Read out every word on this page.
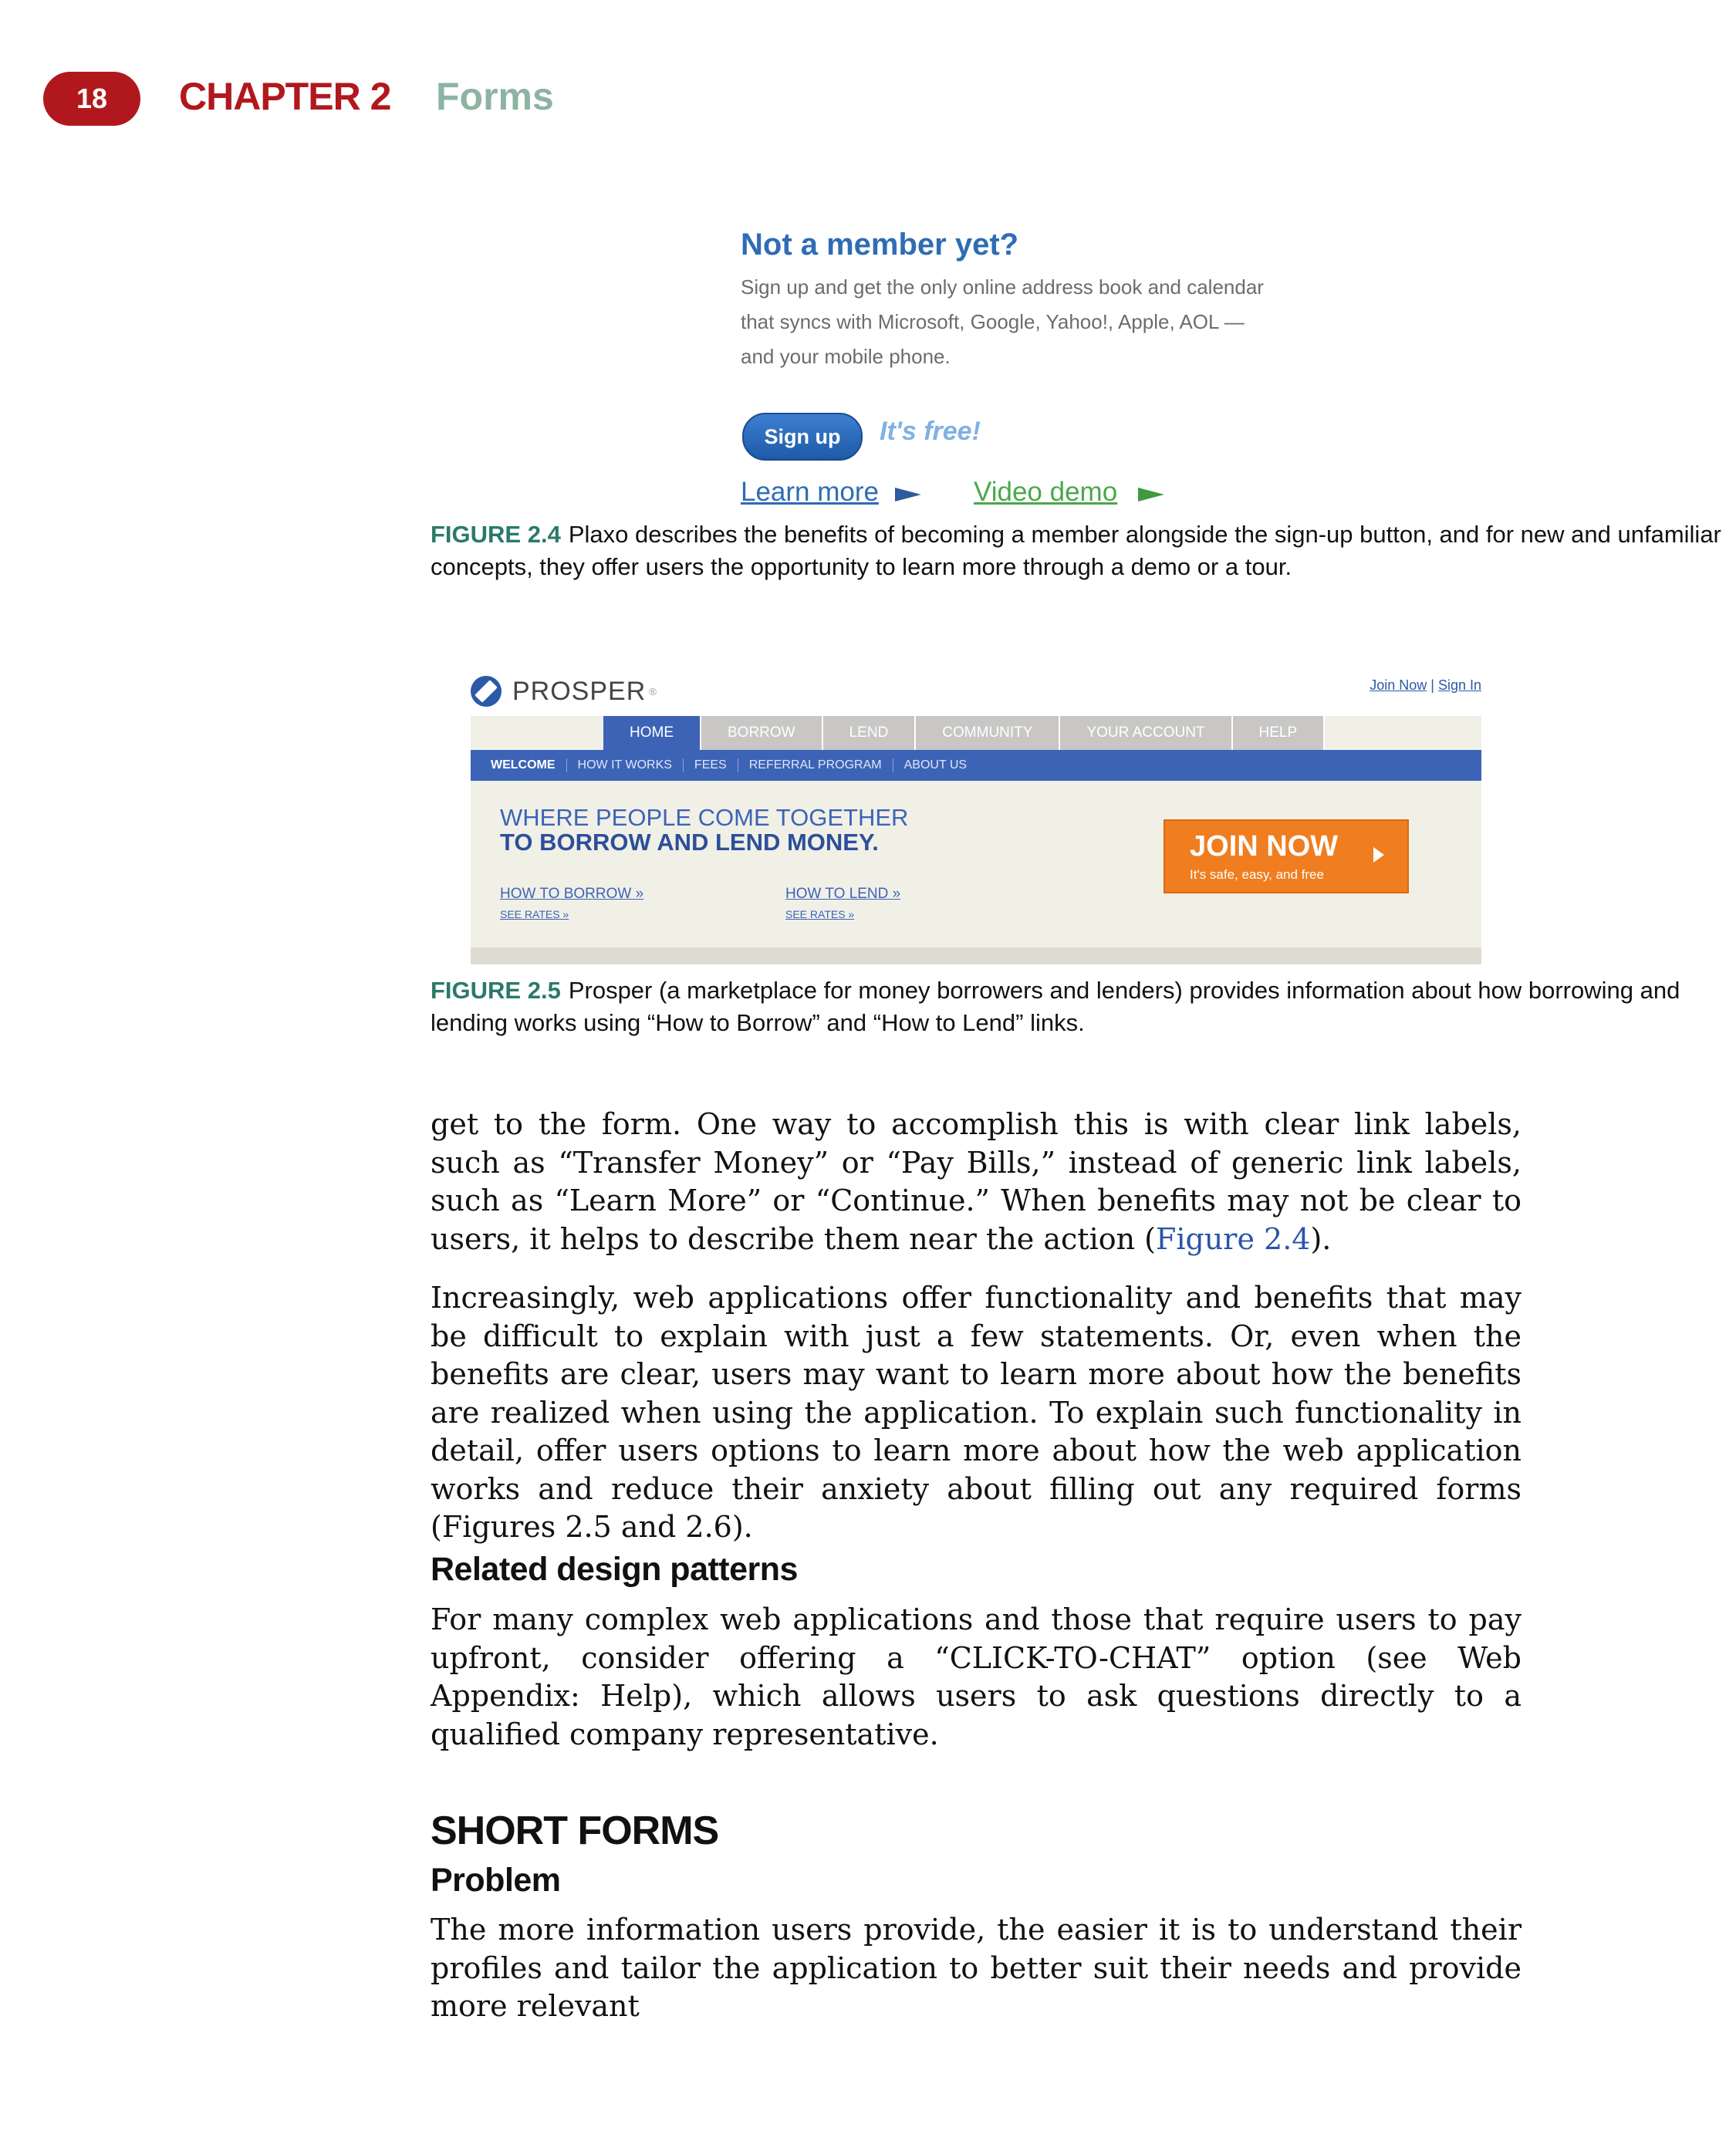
18	CHAPTER 2 Forms
Not a member yet?
Sign up and get the only online address book and calendar that syncs with Microsoft, Google, Yahoo!, Apple, AOL — and your mobile phone.
Sign up	It's free!
Learn more	Video demo
FIGURE 2.4 Plaxo describes the benefits of becoming a member alongside the sign-up button, and for new and unfamiliar concepts, they offer users the opportunity to learn more through a demo or a tour.
PROSPER ®	Join Now | Sign In
HOME	BORROW	LEND	COMMUNITY	YOUR ACCOUNT	HELP
WELCOME	HOW IT WORKS	FEES	REFERRAL PROGRAM	ABOUT US
WHERE PEOPLE COME TOGETHER
TO BORROW AND LEND MONEY.	JOIN NOW
It's safe, easy, and free
HOW TO BORROW »
SEE RATES »
HOW TO LEND »
SEE RATES »
FIGURE 2.5 Prosper (a marketplace for money borrowers and lenders) provides information about how borrowing and lending works using “How to Borrow” and “How to Lend” links.

get to the form. One way to accomplish this is with clear link labels, such as “Transfer Money” or “Pay Bills,” instead of generic link labels, such as “Learn More” or “Continue.” When benefits may not be clear to users, it helps to describe them near the action (Figure 2.4).

Increasingly, web applications offer functionality and benefits that may be difficult to explain with just a few statements. Or, even when the benefits are clear, users may want to learn more about how the benefits are realized when using the application. To explain such functionality in detail, offer users options to learn more about how the web application works and reduce their anxiety about filling out any required forms (Figures 2.5 and 2.6).

Related design patterns

For many complex web applications and those that require users to pay upfront, consider offering a “CLICK-TO-CHAT” option (see Web Appendix: Help), which allows users to ask questions directly to a qualified company representative.

SHORT FORMS
Problem

The more information users provide, the easier it is to understand their profiles and tailor the application to better suit their needs and provide more relevant
